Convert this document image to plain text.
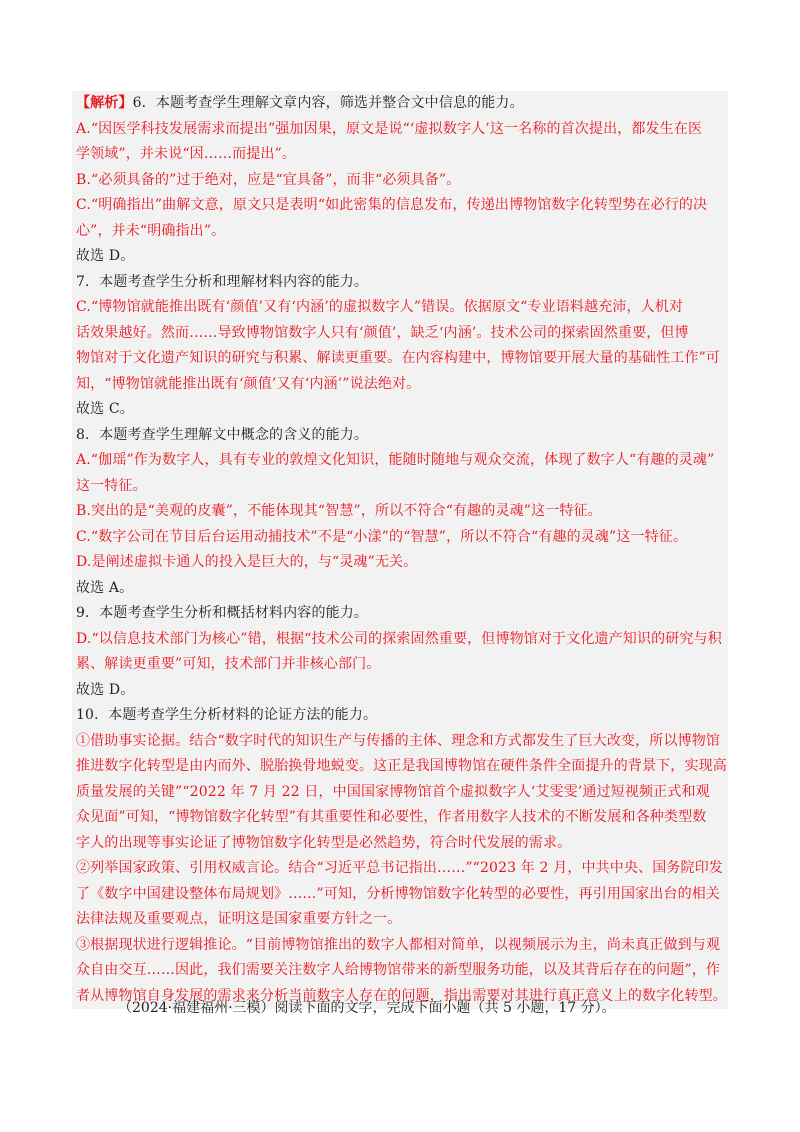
【解析】6．本题考查学生理解文章内容，筛选并整合文中信息的能力。
A.“因医学科技发展需求而提出”强加因果，原文是说“‘虚拟数字人’这一名称的首次提出，都发生在医
学领域”，并未说“因……而提出”。
B.“必须具备的”过于绝对，应是“宜具备”，而非“必须具备”。
C.“明确指出”曲解文意，原文只是表明“如此密集的信息发布，传递出博物馆数字化转型势在必行的决
心”，并未“明确指出”。
故选 D。
7．本题考查学生分析和理解材料内容的能力。
C.“博物馆就能推出既有‘颜值’又有‘内涵’的虚拟数字人”错误。依据原文“专业语料越充沛，人机对
话效果越好。然而……导致博物馆数字人只有‘颜值’，缺乏‘内涵’。技术公司的探索固然重要，但博
物馆对于文化遗产知识的研究与积累、解读更重要。在内容构建中，博物馆要开展大量的基础性工作”可
知，“博物馆就能推出既有‘颜值’又有‘内涵’”说法绝对。
故选 C。
8．本题考查学生理解文中概念的含义的能力。
A.“伽瑶”作为数字人，具有专业的敦煌文化知识，能随时随地与观众交流，体现了数字人“有趣的灵魂”
这一特征。
B.突出的是“美观的皮囊”，不能体现其“智慧”，所以不符合“有趣的灵魂”这一特征。
C.“数字公司在节目后台运用动捕技术”不是“小漾”的“智慧”，所以不符合“有趣的灵魂”这一特征。
D.是阐述虚拟卡通人的投入是巨大的，与“灵魂”无关。
故选 A。
9．本题考查学生分析和概括材料内容的能力。
D.“以信息技术部门为核心”错，根据“技术公司的探索固然重要，但博物馆对于文化遗产知识的研究与积
累、解读更重要”可知，技术部门并非核心部门。
故选 D。
10．本题考查学生分析材料的论证方法的能力。
①借助事实论据。结合“数字时代的知识生产与传播的主体、理念和方式都发生了巨大改变，所以博物馆
推进数字化转型是由内而外、脱胎换骨地蜕变。这正是我国博物馆在硬件条件全面提升的背景下，实现高
质量发展的关键”“2022 年 7 月 22 日，中国国家博物馆首个虚拟数字人‘艾雯雯’通过短视频正式和观
众见面”可知，“博物馆数字化转型”有其重要性和必要性，作者用数字人技术的不断发展和各种类型数
字人的出现等事实论证了博物馆数字化转型是必然趋势，符合时代发展的需求。
②列举国家政策、引用权威言论。结合“习近平总书记指出……”“2023 年 2 月，中共中央、国务院印发
了《数字中国建设整体布局规划》……”可知，分析博物馆数字化转型的必要性，再引用国家出台的相关
法律法规及重要观点，证明这是国家重要方针之一。
③根据现状进行逻辑推论。“目前博物馆推出的数字人都相对简单，以视频展示为主，尚未真正做到与观
众自由交互……因此，我们需要关注数字人给博物馆带来的新型服务功能，以及其背后存在的问题”，作
者从博物馆自身发展的需求来分析当前数字人存在的问题，指出需要对其进行真正意义上的数字化转型。
（2024·福建福州·三模）阅读下面的文字，完成下面小题（共 5 小题，17 分）。
